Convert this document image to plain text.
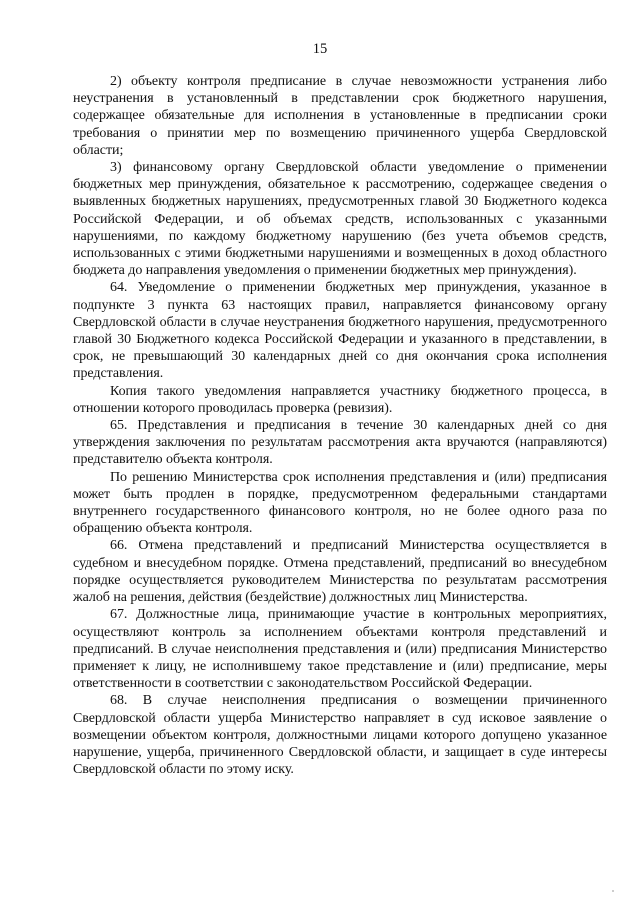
15

2) объекту контроля предписание в случае невозможности устранения либо неустранения в установленный в представлении срок бюджетного нарушения, содержащее обязательные для исполнения в установленные в предписании сроки требования о принятии мер по возмещению причиненного ущерба Свердловской области;

3) финансовому органу Свердловской области уведомление о применении бюджетных мер принуждения, обязательное к рассмотрению, содержащее сведения о выявленных бюджетных нарушениях, предусмотренных главой 30 Бюджетного кодекса Российской Федерации, и об объемах средств, использованных с указанными нарушениями, по каждому бюджетному нарушению (без учета объемов средств, использованных с этими бюджетными нарушениями и возмещенных в доход областного бюджета до направления уведомления о применении бюджетных мер принуждения).

64. Уведомление о применении бюджетных мер принуждения, указанное в подпункте 3 пункта 63 настоящих правил, направляется финансовому органу Свердловской области в случае неустранения бюджетного нарушения, предусмотренного главой 30 Бюджетного кодекса Российской Федерации и указанного в представлении, в срок, не превышающий 30 календарных дней со дня окончания срока исполнения представления.

Копия такого уведомления направляется участнику бюджетного процесса, в отношении которого проводилась проверка (ревизия).

65. Представления и предписания в течение 30 календарных дней со дня утверждения заключения по результатам рассмотрения акта вручаются (направляются) представителю объекта контроля.

По решению Министерства срок исполнения представления и (или) предписания может быть продлен в порядке, предусмотренном федеральными стандартами внутреннего государственного финансового контроля, но не более одного раза по обращению объекта контроля.

66. Отмена представлений и предписаний Министерства осуществляется в судебном и внесудебном порядке. Отмена представлений, предписаний во внесудебном порядке осуществляется руководителем Министерства по результатам рассмотрения жалоб на решения, действия (бездействие) должностных лиц Министерства.

67. Должностные лица, принимающие участие в контрольных мероприятиях, осуществляют контроль за исполнением объектами контроля представлений и предписаний. В случае неисполнения представления и (или) предписания Министерство применяет к лицу, не исполнившему такое представление и (или) предписание, меры ответственности в соответствии с законодательством Российской Федерации.

68. В случае неисполнения предписания о возмещении причиненного Свердловской области ущерба Министерство направляет в суд исковое заявление о возмещении объектом контроля, должностными лицами которого допущено указанное нарушение, ущерба, причиненного Свердловской области, и защищает в суде интересы Свердловской области по этому иску.
